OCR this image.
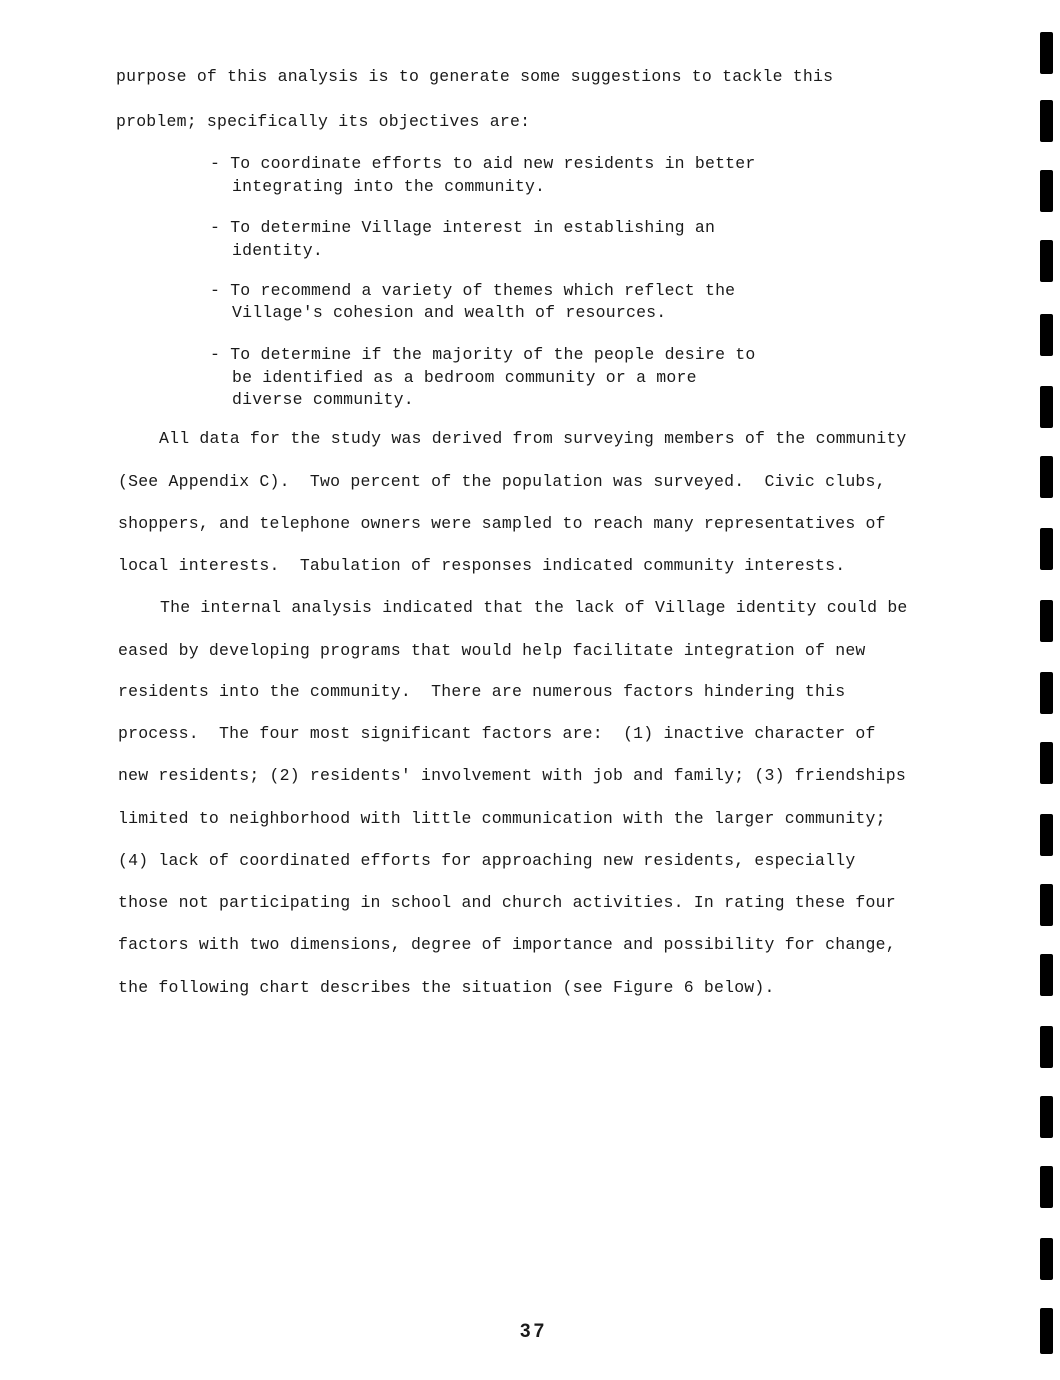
purpose of this analysis is to generate some suggestions to tackle this
problem; specifically its objectives are:
- To coordinate efforts to aid new residents in better
integrating into the community.
- To determine Village interest in establishing an
identity.
- To recommend a variety of themes which reflect the
Village's cohesion and wealth of resources.
- To determine if the majority of the people desire to
be identified as a bedroom community or a more
diverse community.
All data for the study was derived from surveying members of the community
(See Appendix C).  Two percent of the population was surveyed.  Civic clubs,
shoppers, and telephone owners were sampled to reach many representatives of
local interests.  Tabulation of responses indicated community interests.
The internal analysis indicated that the lack of Village identity could be
eased by developing programs that would help facilitate integration of new
residents into the community.  There are numerous factors hindering this
process.  The four most significant factors are:  (1) inactive character of
new residents; (2) residents' involvement with job and family; (3) friendships
limited to neighborhood with little communication with the larger community;
(4) lack of coordinated efforts for approaching new residents, especially
those not participating in school and church activities. In rating these four
factors with two dimensions, degree of importance and possibility for change,
the following chart describes the situation (see Figure 6 below).
37
